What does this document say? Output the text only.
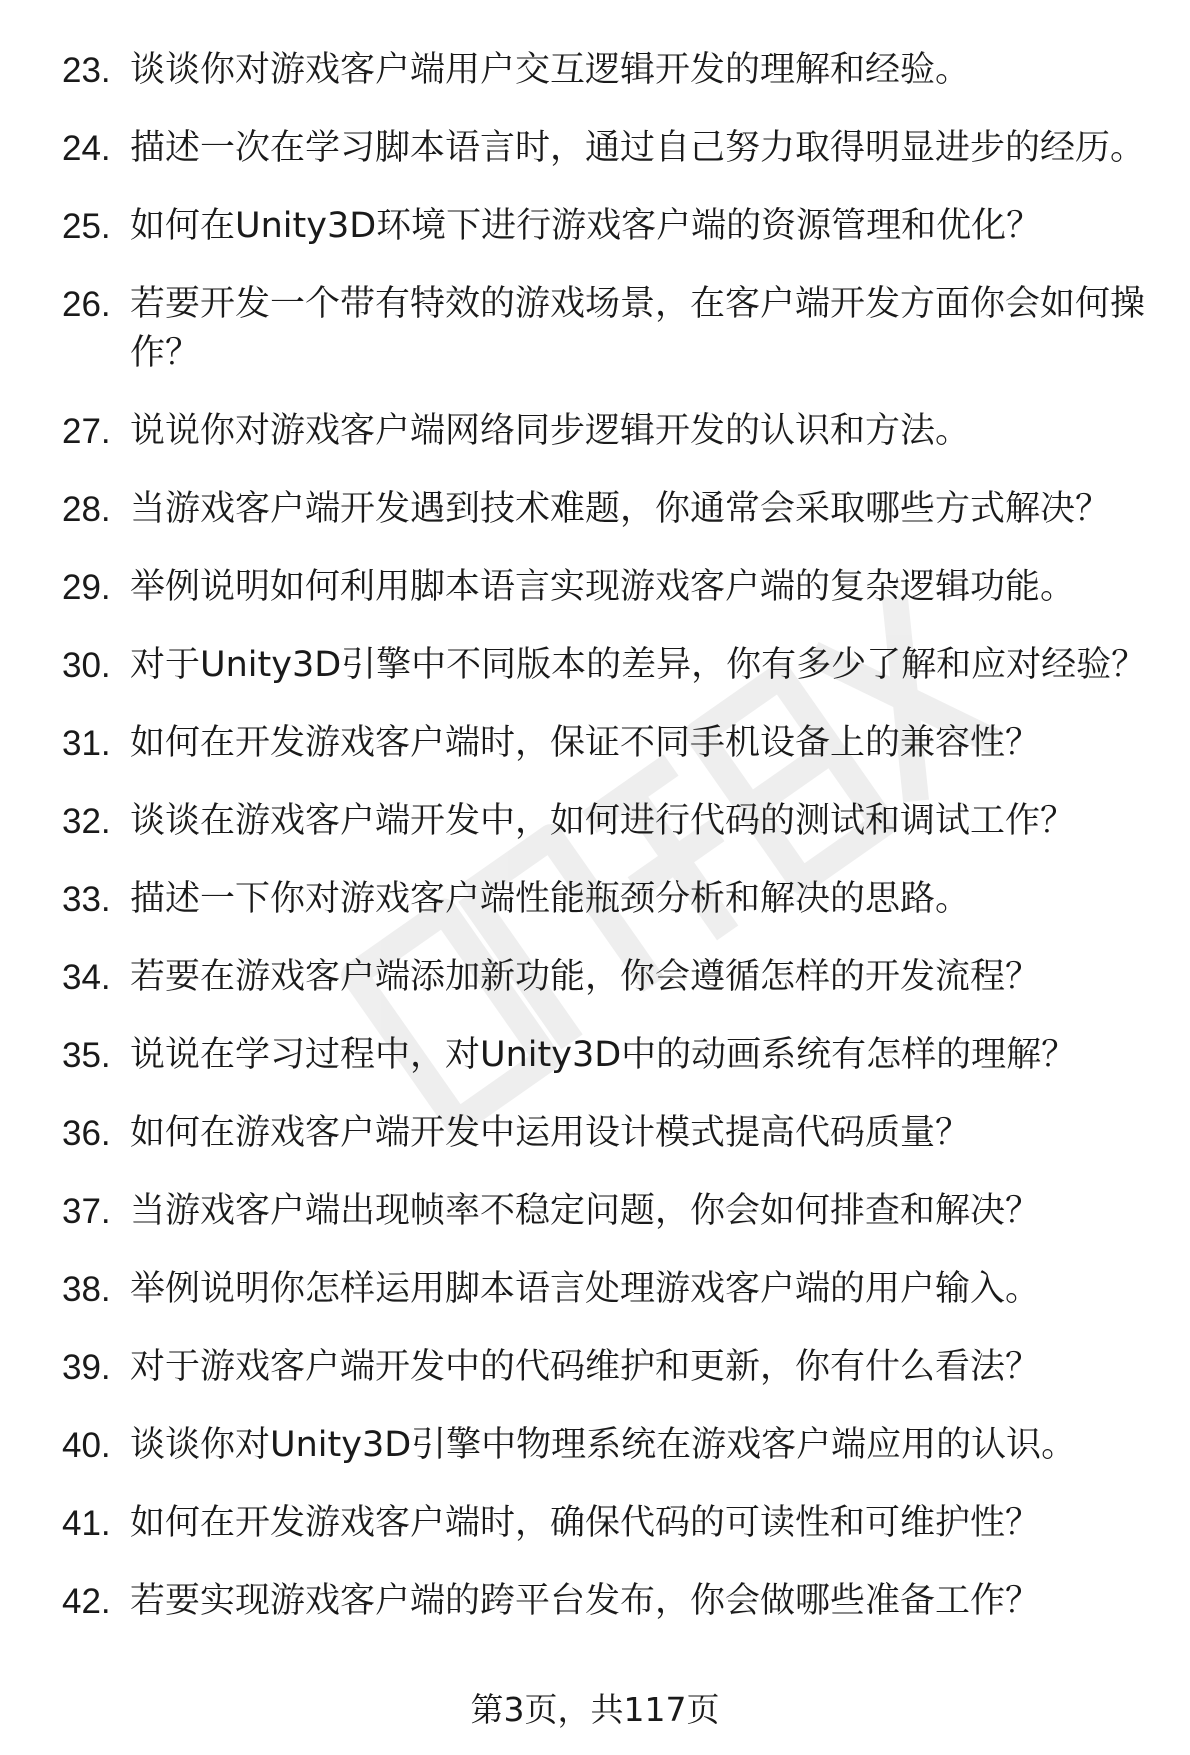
23. 谈谈你对游戏客户端用户交互逻辑开发的理解和经验。
24. 描述一次在学习脚本语言时，通过自己努力取得明显进步的经历。
25. 如何在Unity3D环境下进行游戏客户端的资源管理和优化？
26. 若要开发一个带有特效的游戏场景，在客户端开发方面你会如何操作？
27. 说说你对游戏客户端网络同步逻辑开发的认识和方法。
28. 当游戏客户端开发遇到技术难题，你通常会采取哪些方式解决？
29. 举例说明如何利用脚本语言实现游戏客户端的复杂逻辑功能。
30. 对于Unity3D引擎中不同版本的差异，你有多少了解和应对经验？
31. 如何在开发游戏客户端时，保证不同手机设备上的兼容性？
32. 谈谈在游戏客户端开发中，如何进行代码的测试和调试工作？
33. 描述一下你对游戏客户端性能瓶颈分析和解决的思路。
34. 若要在游戏客户端添加新功能，你会遵循怎样的开发流程？
35. 说说在学习过程中，对Unity3D中的动画系统有怎样的理解？
36. 如何在游戏客户端开发中运用设计模式提高代码质量？
37. 当游戏客户端出现帧率不稳定问题，你会如何排查和解决？
38. 举例说明你怎样运用脚本语言处理游戏客户端的用户输入。
39. 对于游戏客户端开发中的代码维护和更新，你有什么看法？
40. 谈谈你对Unity3D引擎中物理系统在游戏客户端应用的认识。
41. 如何在开发游戏客户端时，确保代码的可读性和可维护性？
42. 若要实现游戏客户端的跨平台发布，你会做哪些准备工作？
第3页，共117页
